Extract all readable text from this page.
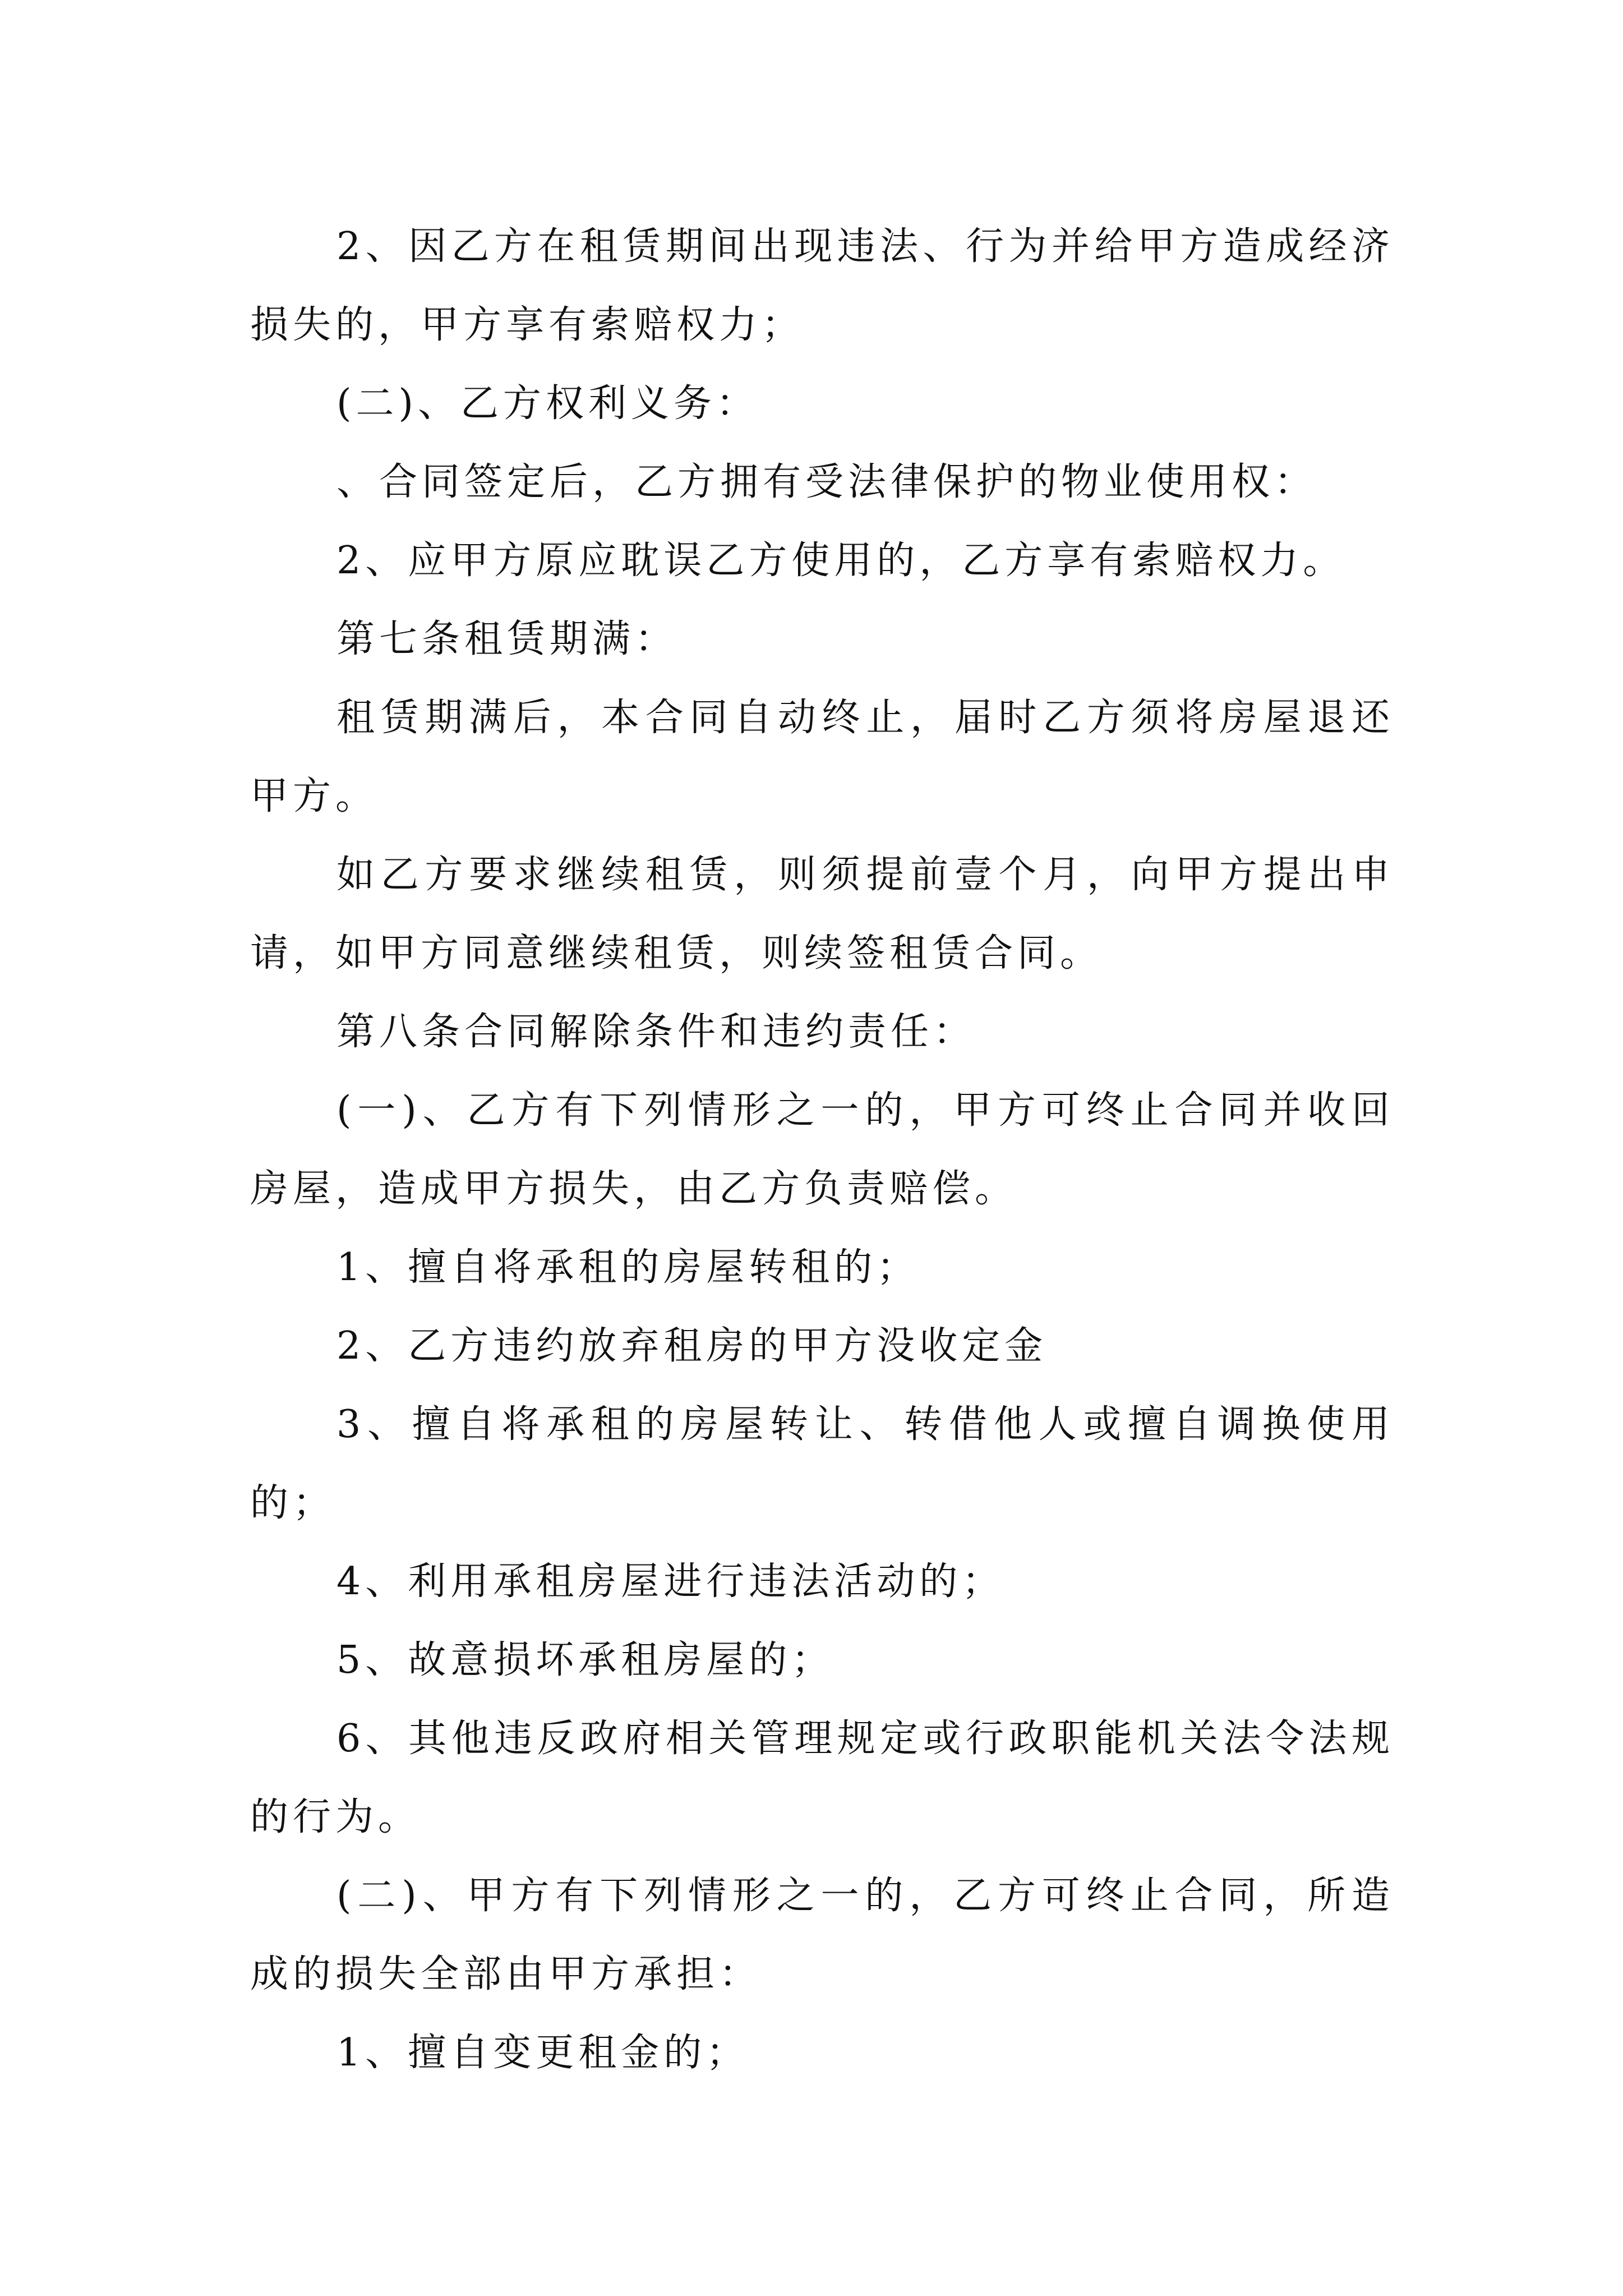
2、因乙方在租赁期间出现违法、行为并给甲方造成经济损失的，甲方享有索赔权力；

(二)、乙方权利义务：

、合同签定后，乙方拥有受法律保护的物业使用权：

2、应甲方原应耽误乙方使用的，乙方享有索赔权力。

第七条租赁期满：

租赁期满后，本合同自动终止，届时乙方须将房屋退还甲方。

如乙方要求继续租赁，则须提前壹个月，向甲方提出申请，如甲方同意继续租赁，则续签租赁合同。

第八条合同解除条件和违约责任：

(一)、乙方有下列情形之一的，甲方可终止合同并收回房屋，造成甲方损失，由乙方负责赔偿。

1、擅自将承租的房屋转租的；

2、乙方违约放弃租房的甲方没收定金

3、擅自将承租的房屋转让、转借他人或擅自调换使用的；

4、利用承租房屋进行违法活动的；

5、故意损坏承租房屋的；

6、其他违反政府相关管理规定或行政职能机关法令法规的行为。

(二)、甲方有下列情形之一的，乙方可终止合同，所造成的损失全部由甲方承担：

1、擅自变更租金的；
